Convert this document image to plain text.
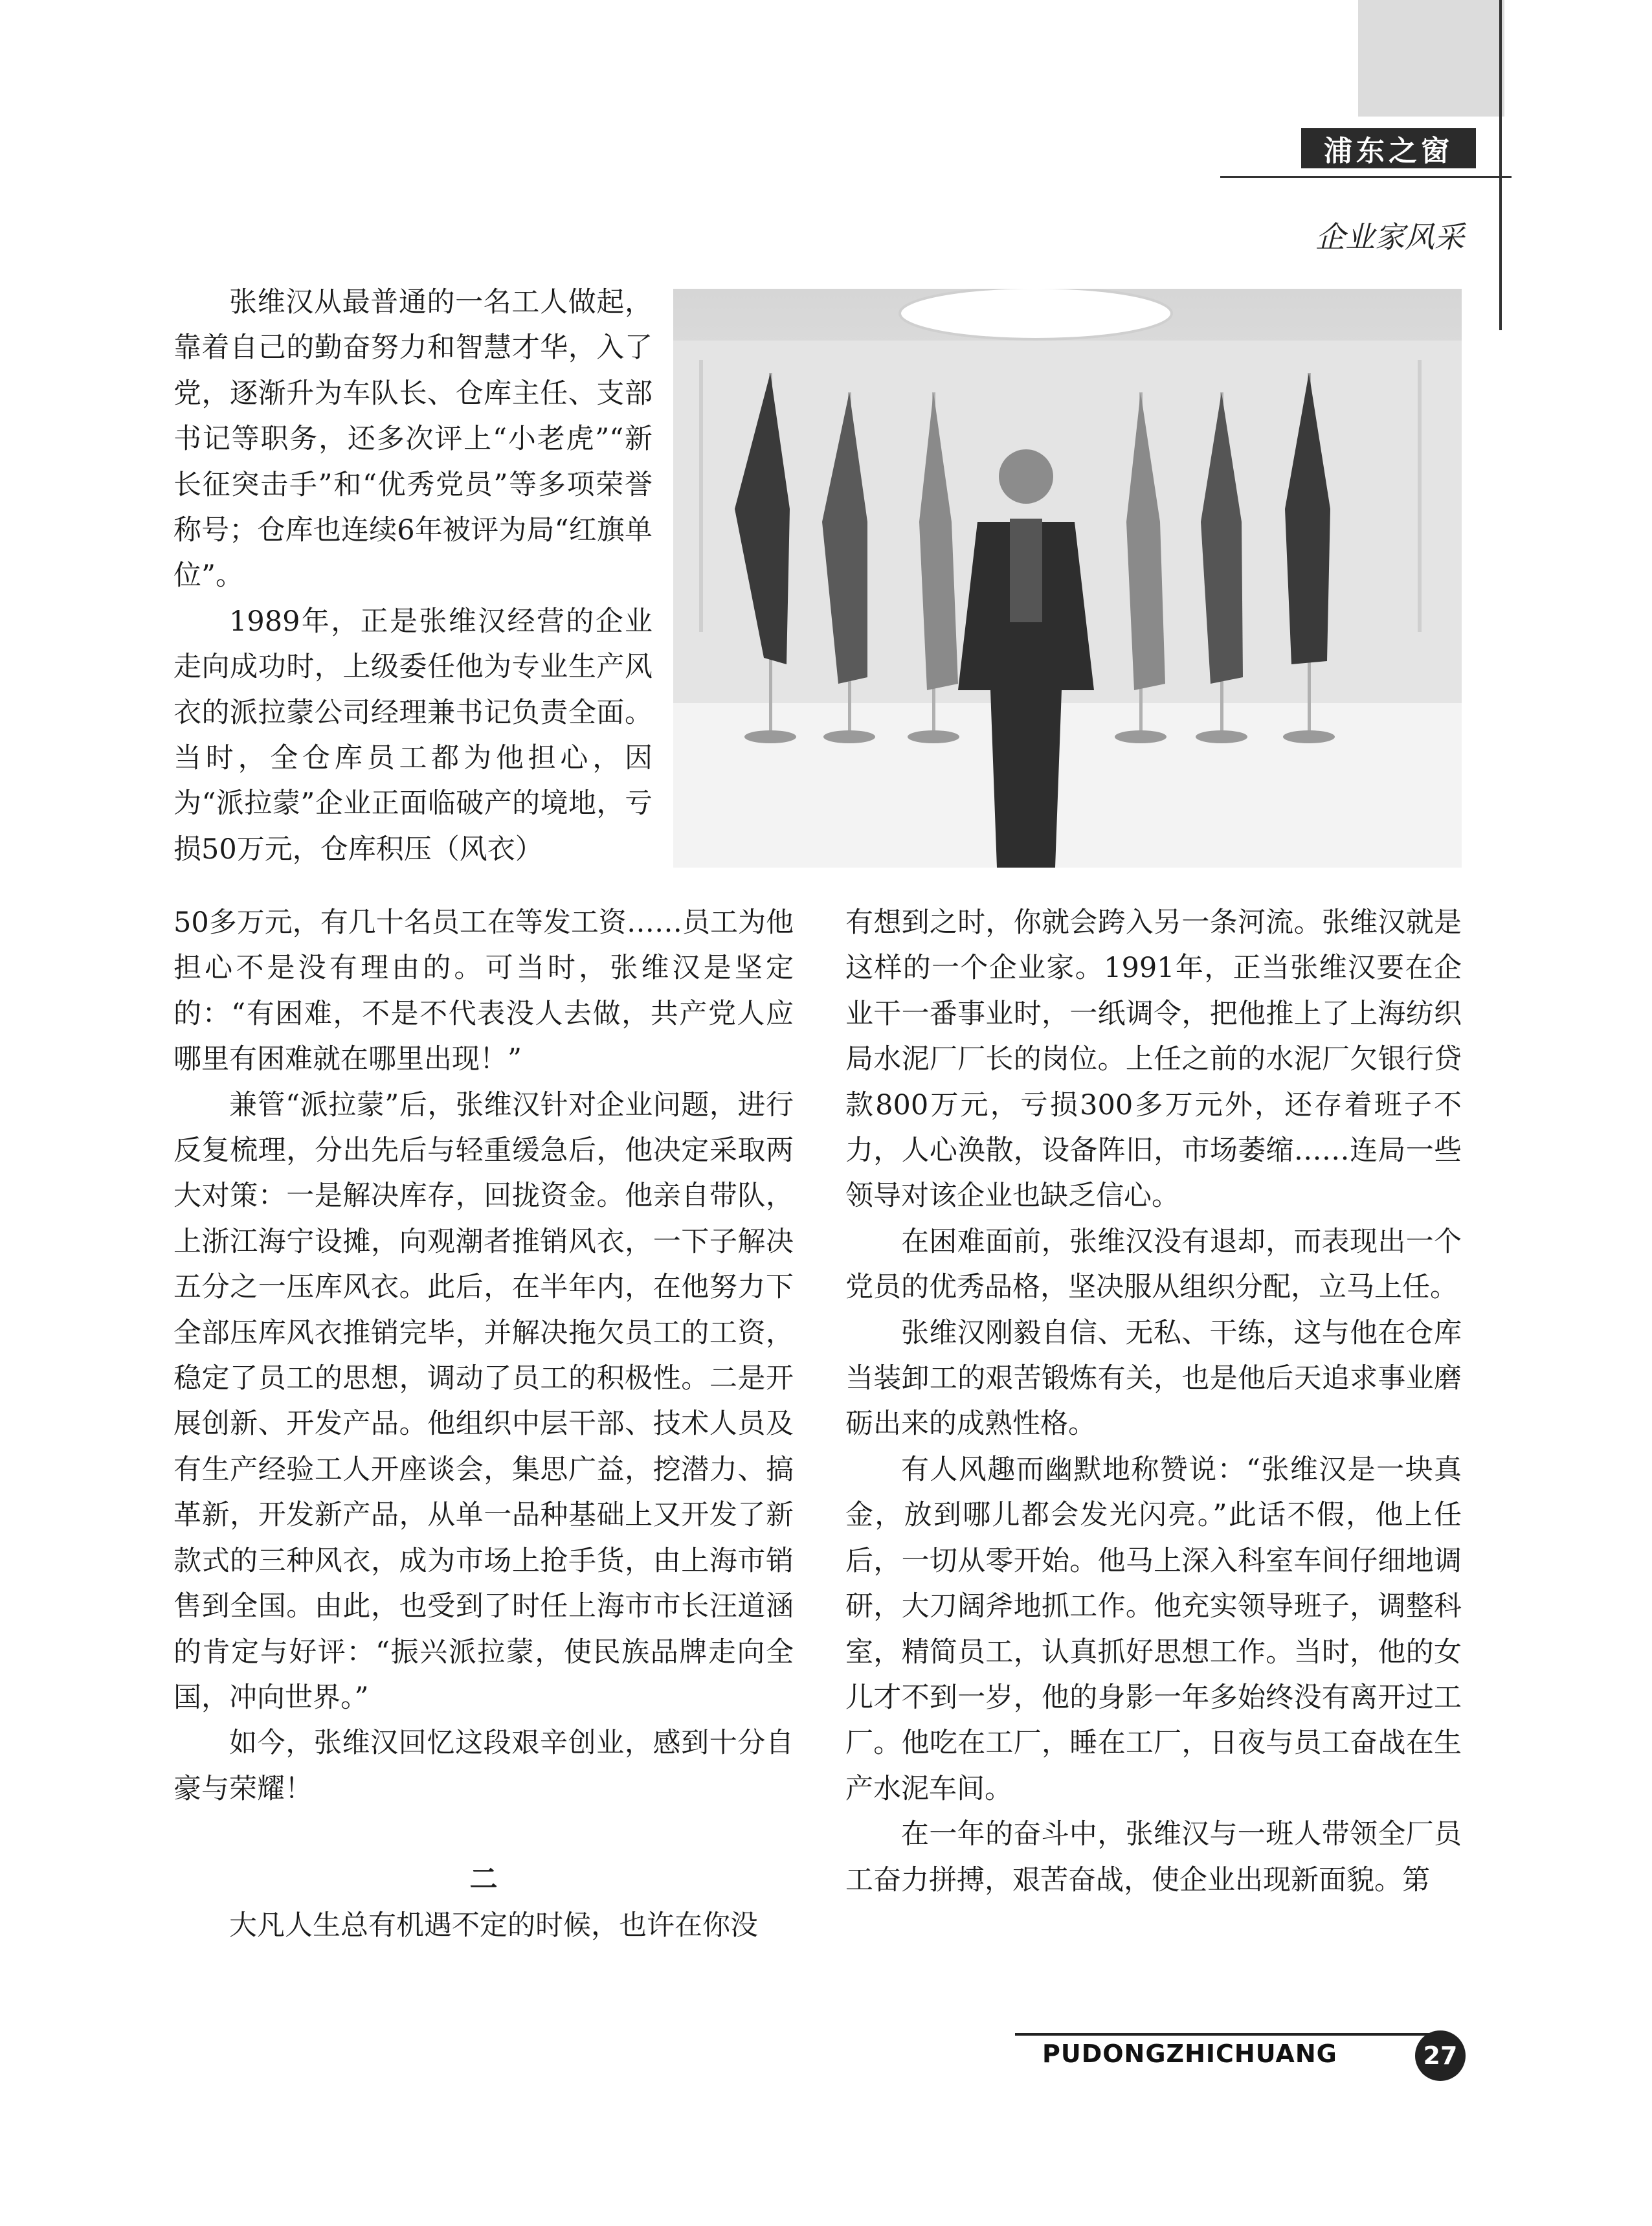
浦东之窗
企业家风采

张维汉从最普通的一名工人做起，靠着自己的勤奋努力和智慧才华，入了党，逐渐升为车队长、仓库主任、支部书记等职务，还多次评上“小老虎”“新长征突击手”和“优秀党员”等多项荣誉称号；仓库也连续6年被评为局“红旗单位”。

1989年，正是张维汉经营的企业走向成功时，上级委任他为专业生产风衣的派拉蒙公司经理兼书记负责全面。当时，全仓库员工都为他担心，因为“派拉蒙”企业正面临破产的境地，亏损50万元，仓库积压（风衣）

50多万元，有几十名员工在等发工资……员工为他担心不是没有理由的。可当时，张维汉是坚定的：“有困难，不是不代表没人去做，共产党人应哪里有困难就在哪里出现！”

兼管“派拉蒙”后，张维汉针对企业问题，进行反复梳理，分出先后与轻重缓急后，他决定采取两大对策：一是解决库存，回拢资金。他亲自带队，上浙江海宁设摊，向观潮者推销风衣，一下子解决五分之一压库风衣。此后，在半年内，在他努力下全部压库风衣推销完毕，并解决拖欠员工的工资，稳定了员工的思想，调动了员工的积极性。二是开展创新、开发产品。他组织中层干部、技术人员及有生产经验工人开座谈会，集思广益，挖潜力、搞革新，开发新产品，从单一品种基础上又开发了新款式的三种风衣，成为市场上抢手货，由上海市销售到全国。由此，也受到了时任上海市市长汪道涵的肯定与好评：“振兴派拉蒙，使民族品牌走向全国，冲向世界。”

如今，张维汉回忆这段艰辛创业，感到十分自豪与荣耀！

二

大凡人生总有机遇不定的时候，也许在你没

有想到之时，你就会跨入另一条河流。张维汉就是这样的一个企业家。1991年，正当张维汉要在企业干一番事业时，一纸调令，把他推上了上海纺织局水泥厂厂长的岗位。上任之前的水泥厂欠银行贷款800万元，亏损300多万元外，还存着班子不力，人心涣散，设备阵旧，市场萎缩……连局一些领导对该企业也缺乏信心。

在困难面前，张维汉没有退却，而表现出一个党员的优秀品格，坚决服从组织分配，立马上任。

张维汉刚毅自信、无私、干练，这与他在仓库当装卸工的艰苦锻炼有关，也是他后天追求事业磨砺出来的成熟性格。

有人风趣而幽默地称赞说：“张维汉是一块真金，放到哪儿都会发光闪亮。”此话不假，他上任后，一切从零开始。他马上深入科室车间仔细地调研，大刀阔斧地抓工作。他充实领导班子，调整科室，精简员工，认真抓好思想工作。当时，他的女儿才不到一岁，他的身影一年多始终没有离开过工厂。他吃在工厂，睡在工厂，日夜与员工奋战在生产水泥车间。

在一年的奋斗中，张维汉与一班人带领全厂员工奋力拼搏，艰苦奋战，使企业出现新面貌。第

PUDONGZHICHUANG	27
